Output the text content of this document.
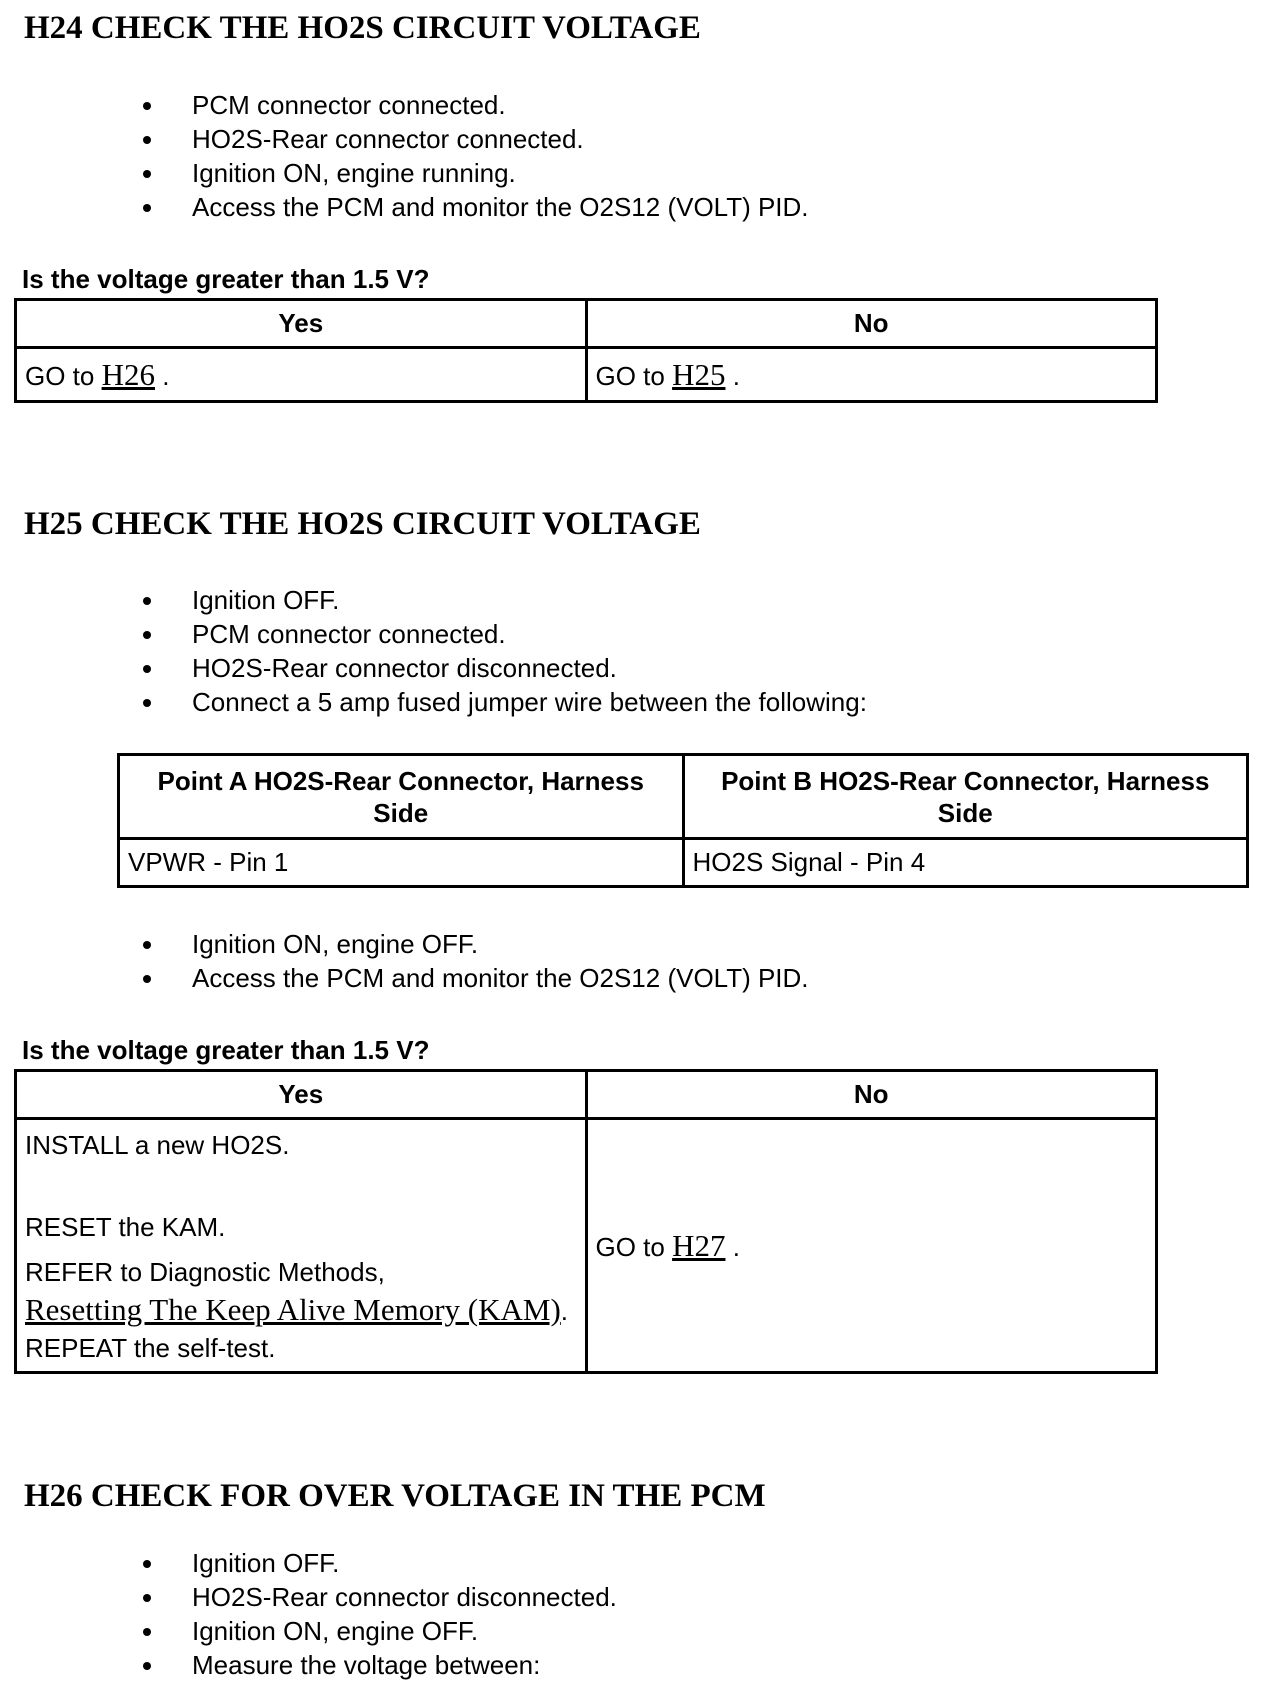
H24 CHECK THE HO2S CIRCUIT VOLTAGE
PCM connector connected.
HO2S-Rear connector connected.
Ignition ON, engine running.
Access the PCM and monitor the O2S12 (VOLT) PID.

Is the voltage greater than 1.5 V?

Yes	No
GO to H26 .	GO to H25 .
H25 CHECK THE HO2S CIRCUIT VOLTAGE
Ignition OFF.
PCM connector connected.
HO2S-Rear connector disconnected.
Connect a 5 amp fused jumper wire between the following:
Point A HO2S-Rear Connector, Harness Side	Point B HO2S-Rear Connector, Harness Side
VPWR - Pin 1	HO2S Signal - Pin 4
Ignition ON, engine OFF.
Access the PCM and monitor the O2S12 (VOLT) PID.

Is the voltage greater than 1.5 V?

Yes	No

INSTALL a new HO2S.

RESET the KAM.

REFER to Diagnostic Methods,
Resetting The Keep Alive Memory (KAM). REPEAT the self-test.	GO to H27 .
H26 CHECK FOR OVER VOLTAGE IN THE PCM
Ignition OFF.
HO2S-Rear connector disconnected.
Ignition ON, engine OFF.
Measure the voltage between:
